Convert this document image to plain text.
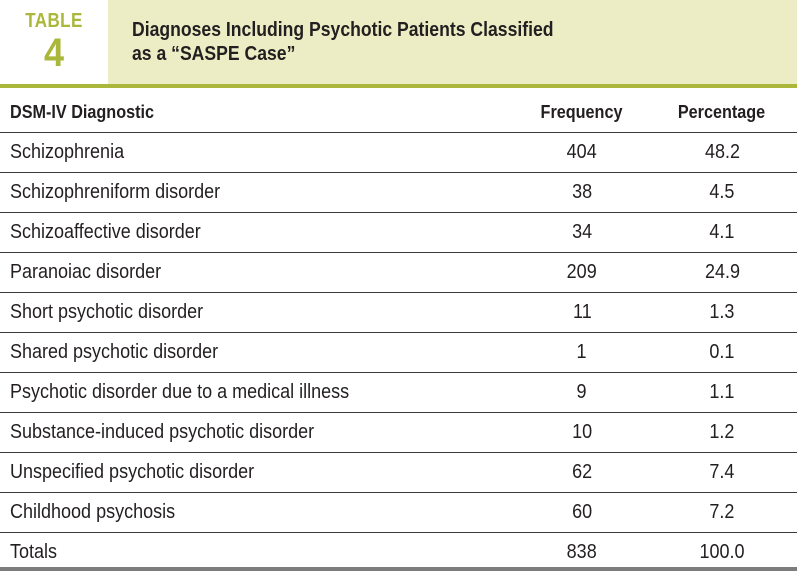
TABLE
4
Diagnoses Including Psychotic Patients Classified
as a “SASPE Case”
DSM-IV Diagnostic	Frequency	Percentage
Schizophrenia	404	48.2
Schizophreniform disorder	38	4.5
Schizoaffective disorder	34	4.1
Paranoiac disorder	209	24.9
Short psychotic disorder	11	1.3
Shared psychotic disorder	1	0.1
Psychotic disorder due to a medical illness	9	1.1
Substance-induced psychotic disorder	10	1.2
Unspecified psychotic disorder	62	7.4
Childhood psychosis	60	7.2
Totals	838	100.0
